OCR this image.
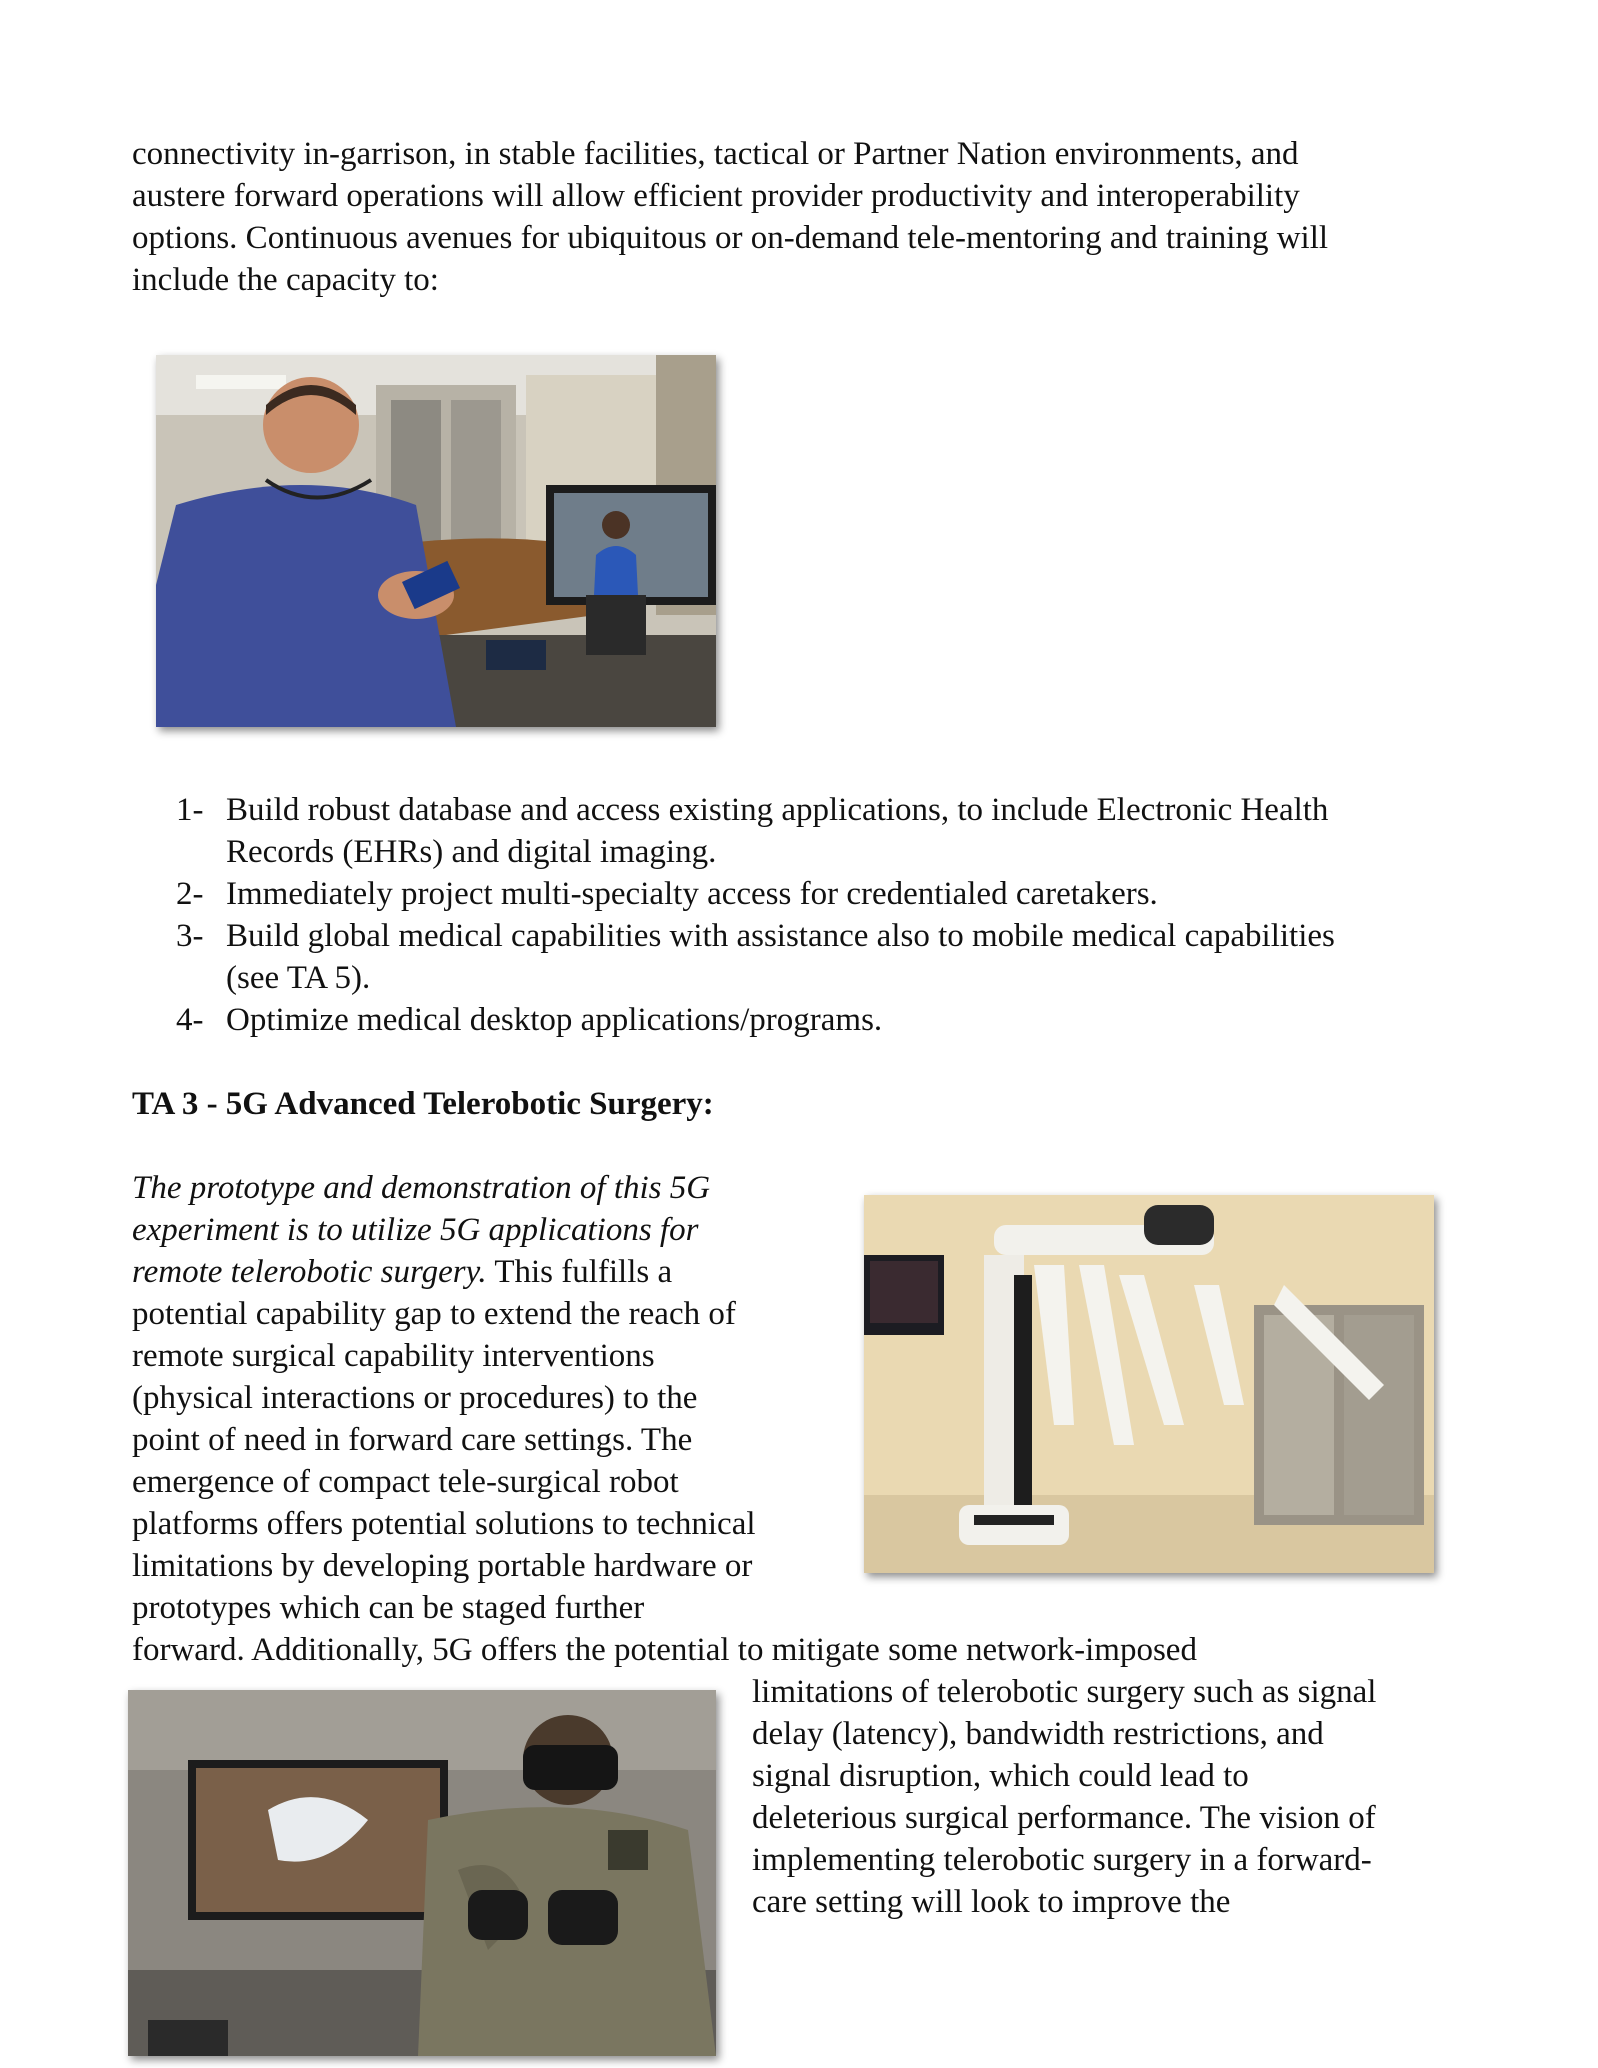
connectivity in-garrison, in stable facilities, tactical or Partner Nation environments, and
austere forward operations will allow efficient provider productivity and interoperability
options. Continuous avenues for ubiquitous or on-demand tele-mentoring and training will
include the capacity to:
1- Build robust database and access existing applications, to include Electronic Health
Records (EHRs) and digital imaging.
2- Immediately project multi-specialty access for credentialed caretakers.
3- Build global medical capabilities with assistance also to mobile medical capabilities
(see TA 5).
4- Optimize medical desktop applications/programs.
TA 3 - 5G Advanced Telerobotic Surgery:
The prototype and demonstration of this 5G
experiment is to utilize 5G applications for
remote telerobotic surgery. This fulfills a
potential capability gap to extend the reach of
remote surgical capability interventions
(physical interactions or procedures) to the
point of need in forward care settings. The
emergence of compact tele-surgical robot
platforms offers potential solutions to technical
limitations by developing portable hardware or
prototypes which can be staged further
forward. Additionally, 5G offers the potential to mitigate some network-imposed
limitations of telerobotic surgery such as signal
delay (latency), bandwidth restrictions, and
signal disruption, which could lead to
deleterious surgical performance. The vision of
implementing telerobotic surgery in a forward-
care setting will look to improve the
